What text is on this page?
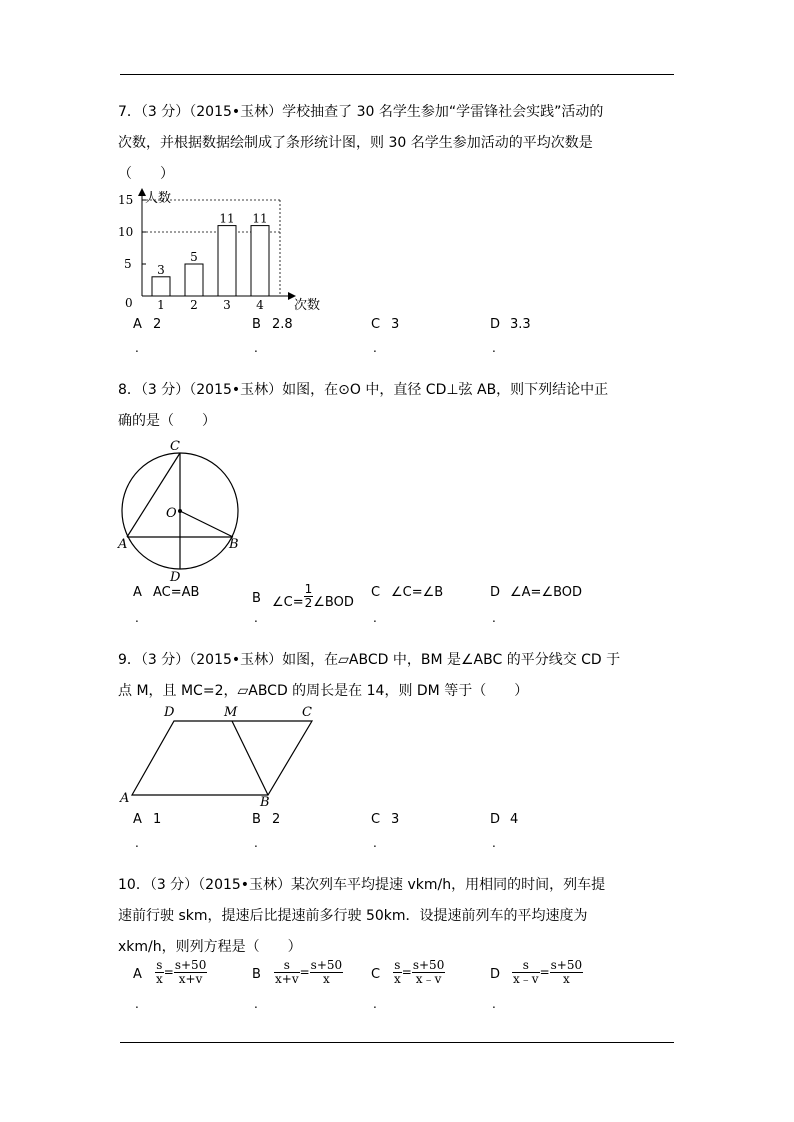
7．（3 分）（2015•玉林）学校抽查了 30 名学生参加“学雷锋社会实践”活动的

次数，并根据数据绘制成了条形统计图，则 30 名学生参加活动的平均次数是

（　　）

3
5
11 11
0
5
10
15
1 2 3 4
人数
次数
A 2	B 2.8	C 3	D 3.3
.	.	.	.

8．（3 分）（2015•玉林）如图，在⊙O 中，直径 CD⊥弦 AB，则下列结论中正

确的是（　　）

C
O
A	B
D
A AC=AB	B ∠C= $\frac{1}{2}$ ∠BOD
C ∠C=∠B	D ∠A=∠BOD
.	.	.	.

9．（3 分）（2015•玉林）如图，在▱ABCD 中，BM 是∠ABC 的平分线交 CD 于

点 M，且 MC=2，▱ABCD 的周长是在 14，则 DM 等于（　　）

D	M	C
A	B
A 1	B 2	C 3	D 4
.	.	.	.

10．（3 分）（2015•玉林）某次列车平均提速 vkm/h，用相同的时间，列车提

速前行驶 skm，提速后比提速前多行驶 50km．设提速前列车的平均速度为

xkm/h，则列方程是（　　）

A $\frac{s}{x} = \frac{s+50}{x+v}$	B $\frac{s}{x+v} = \frac{s+50}{x}$ C $\frac{s}{x} = \frac{s+50}{x﹣v}$	D $\frac{s}{x﹣v} = \frac{s+50}{x}$
.	.	.	.
